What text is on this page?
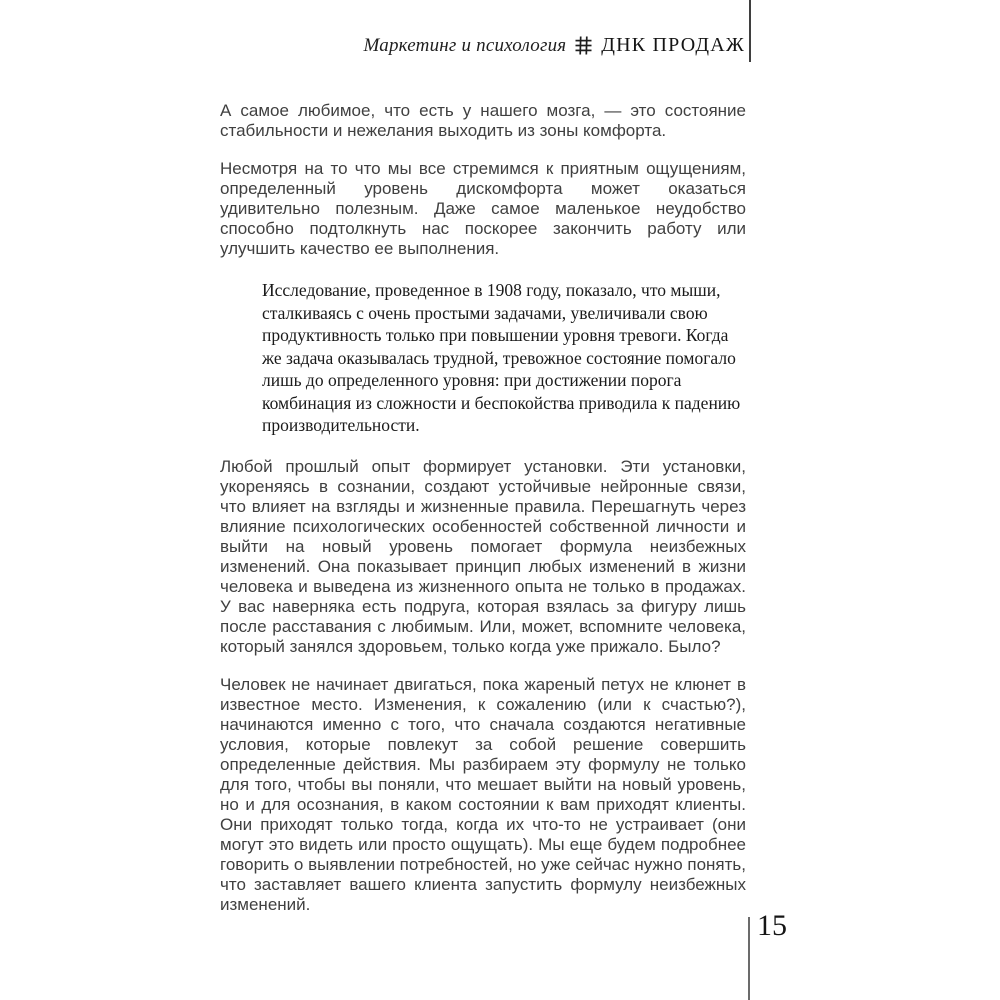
Маркетинг и психология ДНК ПРОДАЖ

А самое любимое, что есть у нашего мозга, — это состояние стабильности и нежелания выходить из зоны комфорта.

Несмотря на то что мы все стремимся к приятным ощущениям, определенный уровень дискомфорта может оказаться удивительно полезным. Даже самое маленькое неудобство способно подтолкнуть нас поскорее закончить работу или улучшить качество ее выполнения.

Исследование, проведенное в 1908 году, показало, что мыши, сталкиваясь с очень простыми задачами, увеличивали свою продуктивность только при повышении уровня тревоги. Когда же задача оказывалась трудной, тревожное состояние помогало лишь до определенного уровня: при достижении порога комбинация из сложности и беспокойства приводила к падению производительности.

Любой прошлый опыт формирует установки. Эти установки, укореняясь в сознании, создают устойчивые нейронные связи, что влияет на взгляды и жизненные правила. Перешагнуть через влияние психологических особенностей собственной личности и выйти на новый уровень помогает формула неизбежных изменений. Она показывает принцип любых изменений в жизни человека и выведена из жизненного опыта не только в продажах. У вас наверняка есть подруга, которая взялась за фигуру лишь после расставания с любимым. Или, может, вспомните человека, который занялся здоровьем, только когда уже прижало. Было?

Человек не начинает двигаться, пока жареный петух не клюнет в известное место. Изменения, к сожалению (или к счастью?), начинаются именно с того, что сначала создаются негативные условия, которые повлекут за собой решение совершить определенные действия. Мы разбираем эту формулу не только для того, чтобы вы поняли, что мешает выйти на новый уровень, но и для осознания, в каком состоянии к вам приходят клиенты. Они приходят только тогда, когда их что-то не устраивает (они могут это видеть или просто ощущать). Мы еще будем подробнее говорить о выявлении потребностей, но уже сейчас нужно понять, что заставляет вашего клиента запустить формулу неизбежных изменений.

15
